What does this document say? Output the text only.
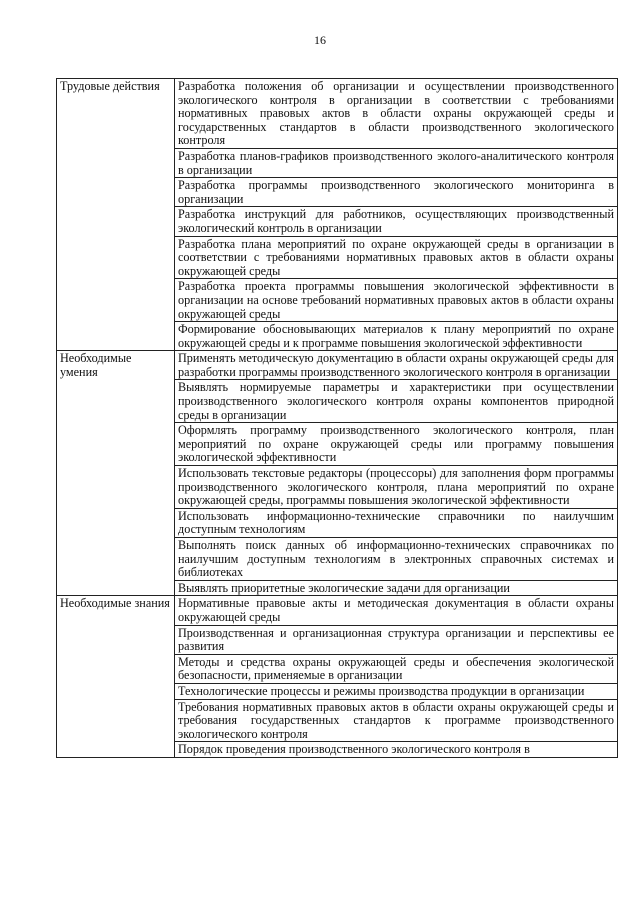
16
Трудовые действия	Разработка положения об организации и осуществлении производственного экологического контроля в организации в соответствии с требованиями нормативных правовых актов в области охраны окружающей среды и государственных стандартов в области производственного экологического контроля
	Разработка планов-графиков производственного эколого-аналитического контроля в организации
	Разработка программы производственного экологического мониторинга в организации
	Разработка инструкций для работников, осуществляющих производственный экологический контроль в организации
	Разработка плана мероприятий по охране окружающей среды в организации в соответствии с требованиями нормативных правовых актов в области охраны окружающей среды
	Разработка проекта программы повышения экологической эффективности в организации на основе требований нормативных правовых актов в области охраны окружающей среды
	Формирование обосновывающих материалов к плану мероприятий по охране окружающей среды и к программе повышения экологической эффективности
Необходимые умения	Применять методическую документацию в области охраны окружающей среды для разработки программы производственного экологического контроля в организации
	Выявлять нормируемые параметры и характеристики при осуществлении производственного экологического контроля охраны компонентов природной среды в организации
	Оформлять программу производственного экологического контроля, план мероприятий по охране окружающей среды или программу повышения экологической эффективности
	Использовать текстовые редакторы (процессоры) для заполнения форм программы производственного экологического контроля, плана мероприятий по охране окружающей среды, программы повышения экологической эффективности
	Использовать информационно-технические справочники по наилучшим доступным технологиям
	Выполнять поиск данных об информационно-технических справочниках по наилучшим доступным технологиям в электронных справочных системах и библиотеках
	Выявлять приоритетные экологические задачи для организации
Необходимые знания	Нормативные правовые акты и методическая документация в области охраны окружающей среды
	Производственная и организационная структура организации и перспективы ее развития
	Методы и средства охраны окружающей среды и обеспечения экологической безопасности, применяемые в организации
	Технологические процессы и режимы производства продукции в организации
	Требования нормативных правовых актов в области охраны окружающей среды и требования государственных стандартов к программе производственного экологического контроля
	Порядок проведения производственного экологического контроля в
